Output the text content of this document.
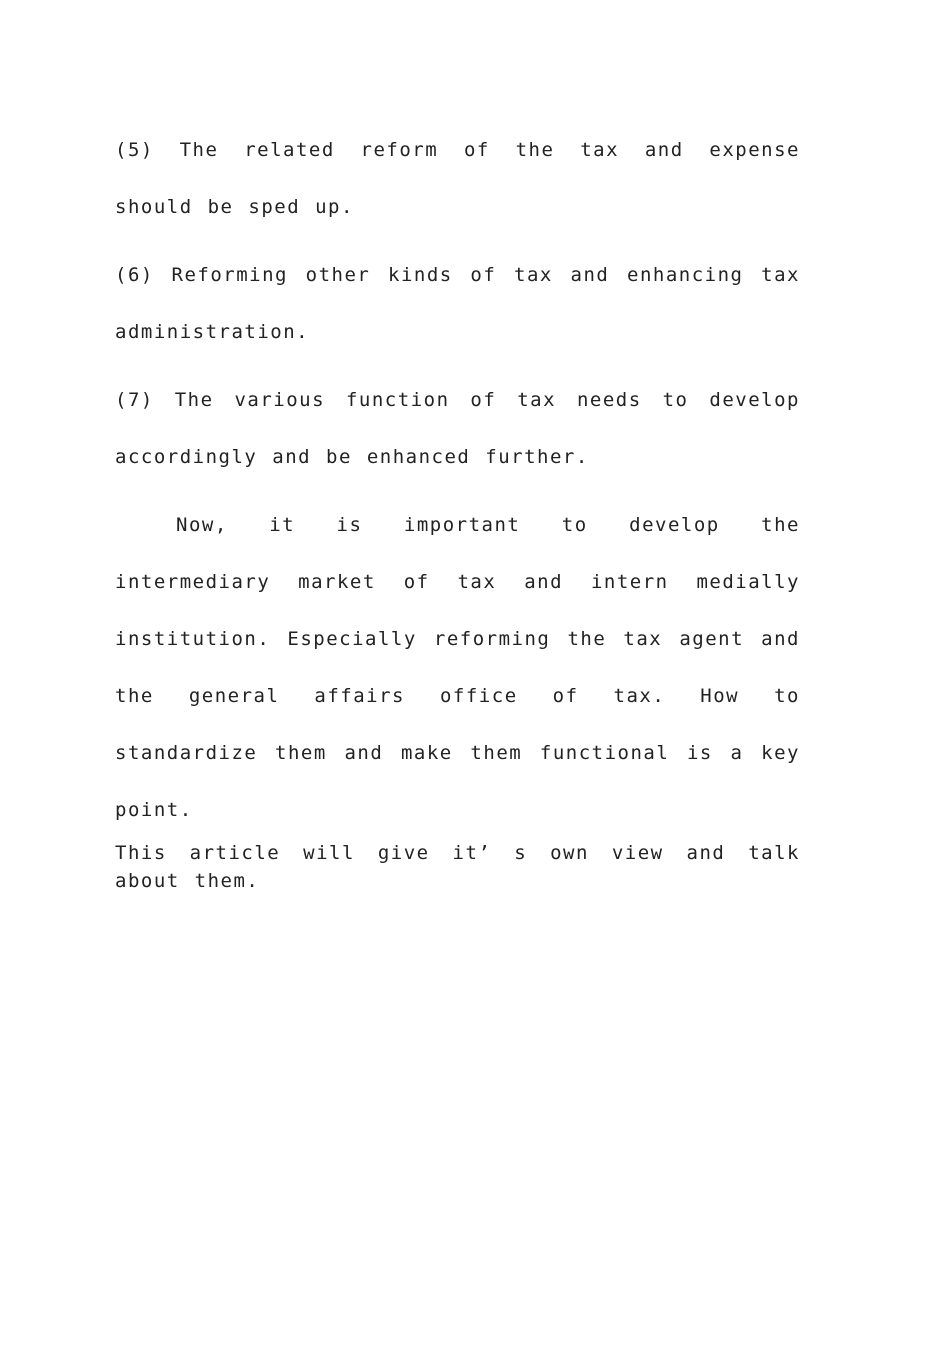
(5) The related reform of the tax and expense should be sped up.

(6) Reforming other kinds of tax and enhancing tax administration.

(7) The various function of tax needs to develop accordingly and be enhanced further.

Now, it is important to develop the intermediary market of tax and intern medially institution. Especially reforming the tax agent and the general affairs office of tax. How to standardize them and make them functional is a key point.

This article will give it’ s own view and talk about them.
